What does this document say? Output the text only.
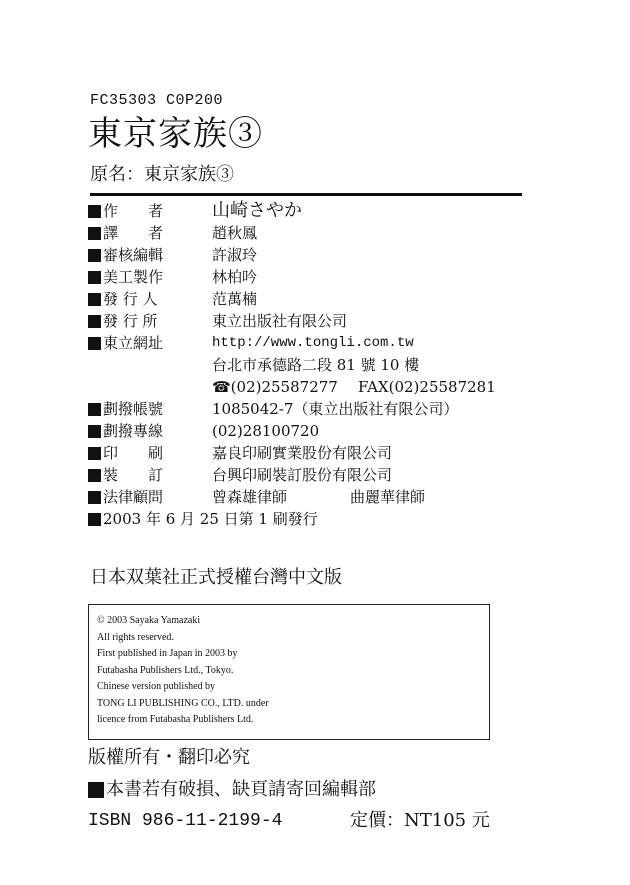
FC35303 C0P200
東京家族③
原名：東京家族③
作　　者	山崎さやか
譯　　者	趙秋鳳
審核編輯	許淑玲
美工製作	林柏吟
發 行 人	范萬楠
發 行 所	東立出版社有限公司
東立網址	http://www.tongli.com.tw
台北市承德路二段 81 號 10 樓
☎(02)25587277 FAX(02)25587281
劃撥帳號	1085042-7（東立出版社有限公司）
劃撥專線	(02)28100720
印　　刷	嘉良印刷實業股份有限公司
裝　　訂	台興印刷裝訂股份有限公司
法律顧問	曾森雄律師	曲麗華律師
2003 年 6 月 25 日第 1 刷發行
日本双葉社正式授權台灣中文版
© 2003 Sayaka Yamazaki
All rights reserved.
First published in Japan in 2003 by
Futabasha Publishers Ltd., Tokyo.
Chinese version published by
TONG LI PUBLISHING CO., LTD. under
licence from Futabasha Publishers Ltd.
版權所有・翻印必究
本書若有破損、缺頁請寄回編輯部
ISBN 986-11-2199-4	定價：NT105 元
